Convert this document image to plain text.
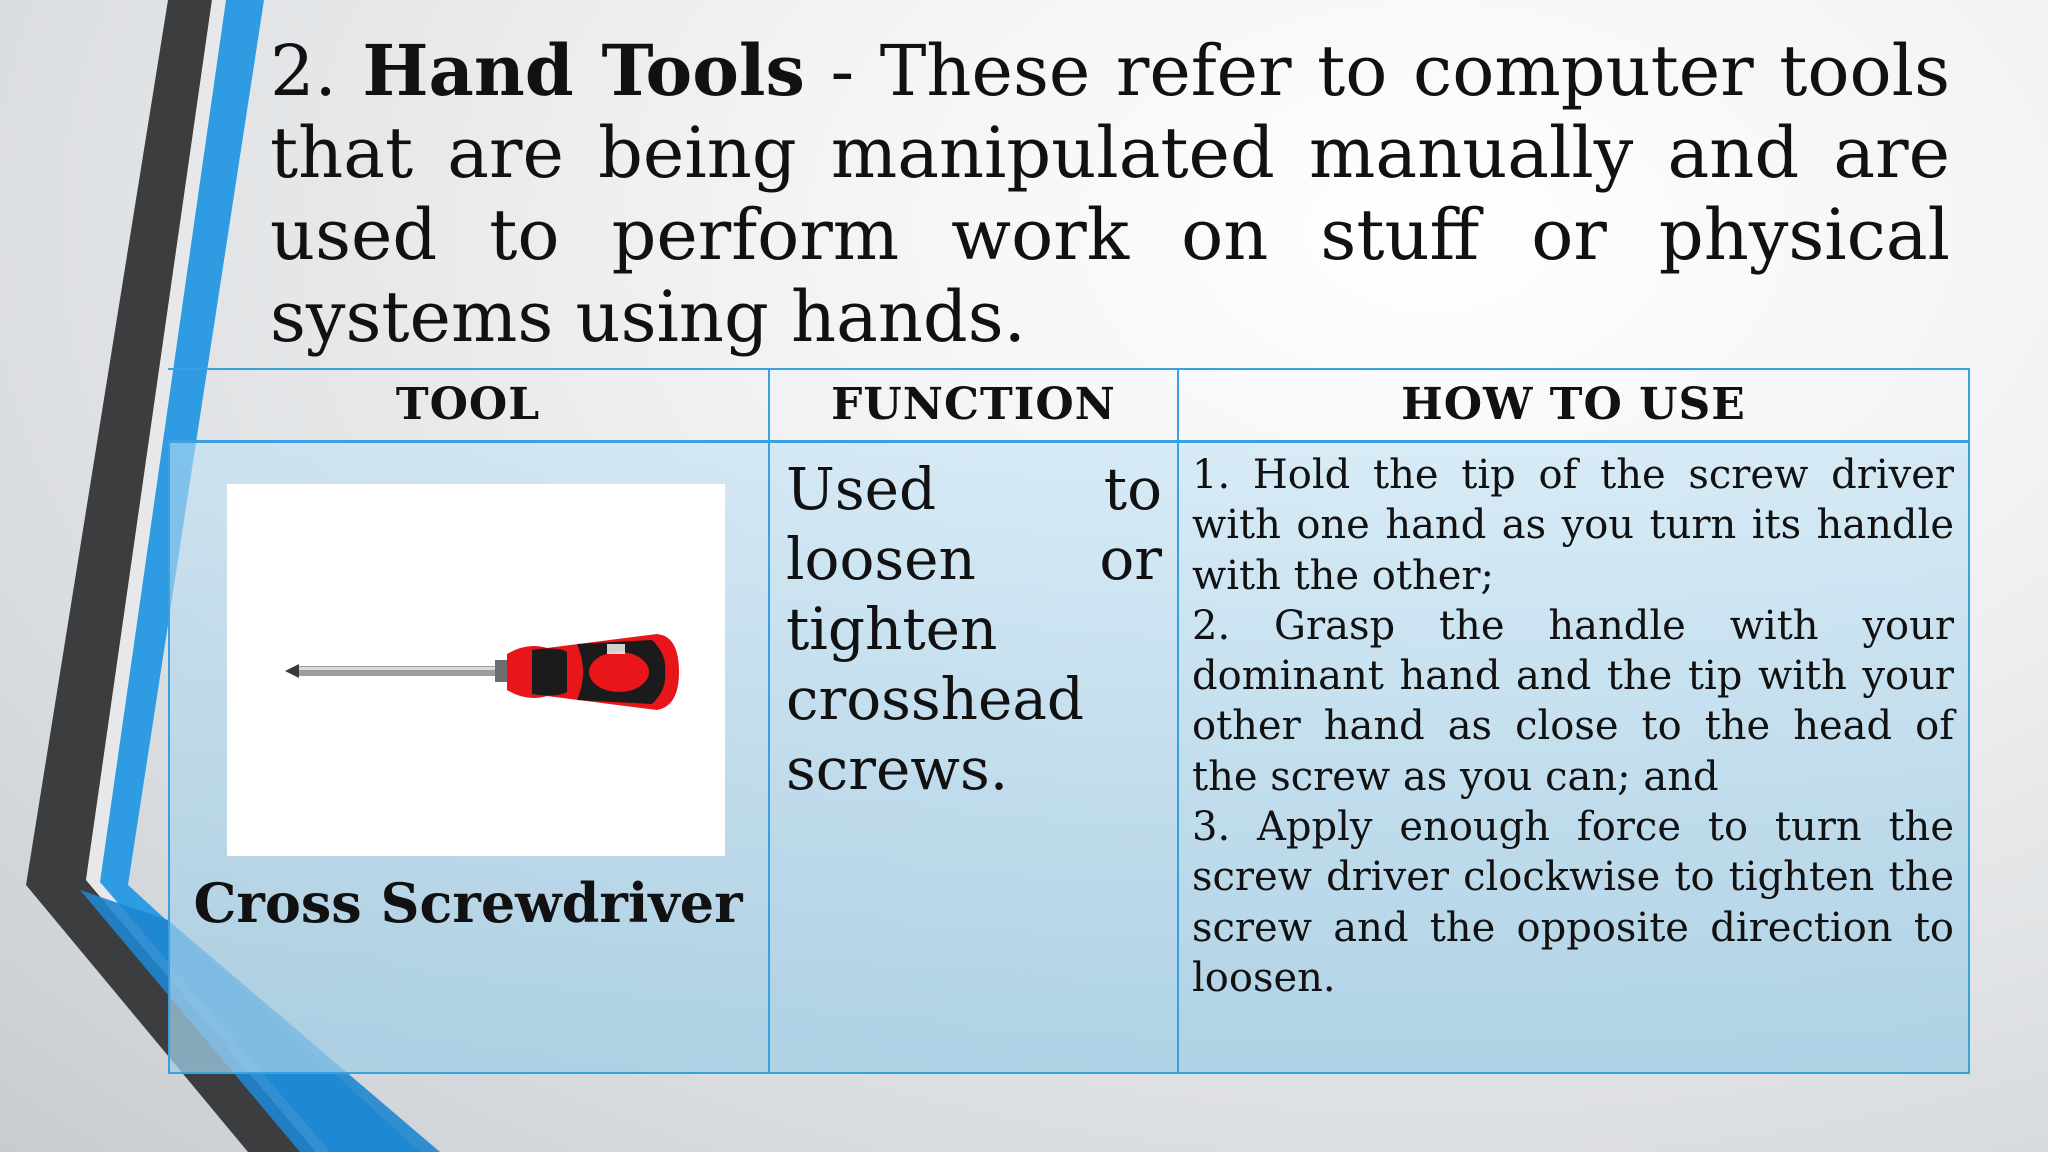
2. Hand Tools - These refer to computer tools that are being manipulated manually and are used to perform work on stuff or physical systems using hands.

TOOL	FUNCTION	HOW TO USE
Cross Screwdriver

Used to loosen or tighten crosshead screws.

1. Hold the tip of the screw driver with one hand as you turn its handle with the other;

2. Grasp the handle with your dominant hand and the tip with your other hand as close to the head of the screw as you can; and

3. Apply enough force to turn the screw driver clockwise to tighten the screw and the opposite direction to loosen.
